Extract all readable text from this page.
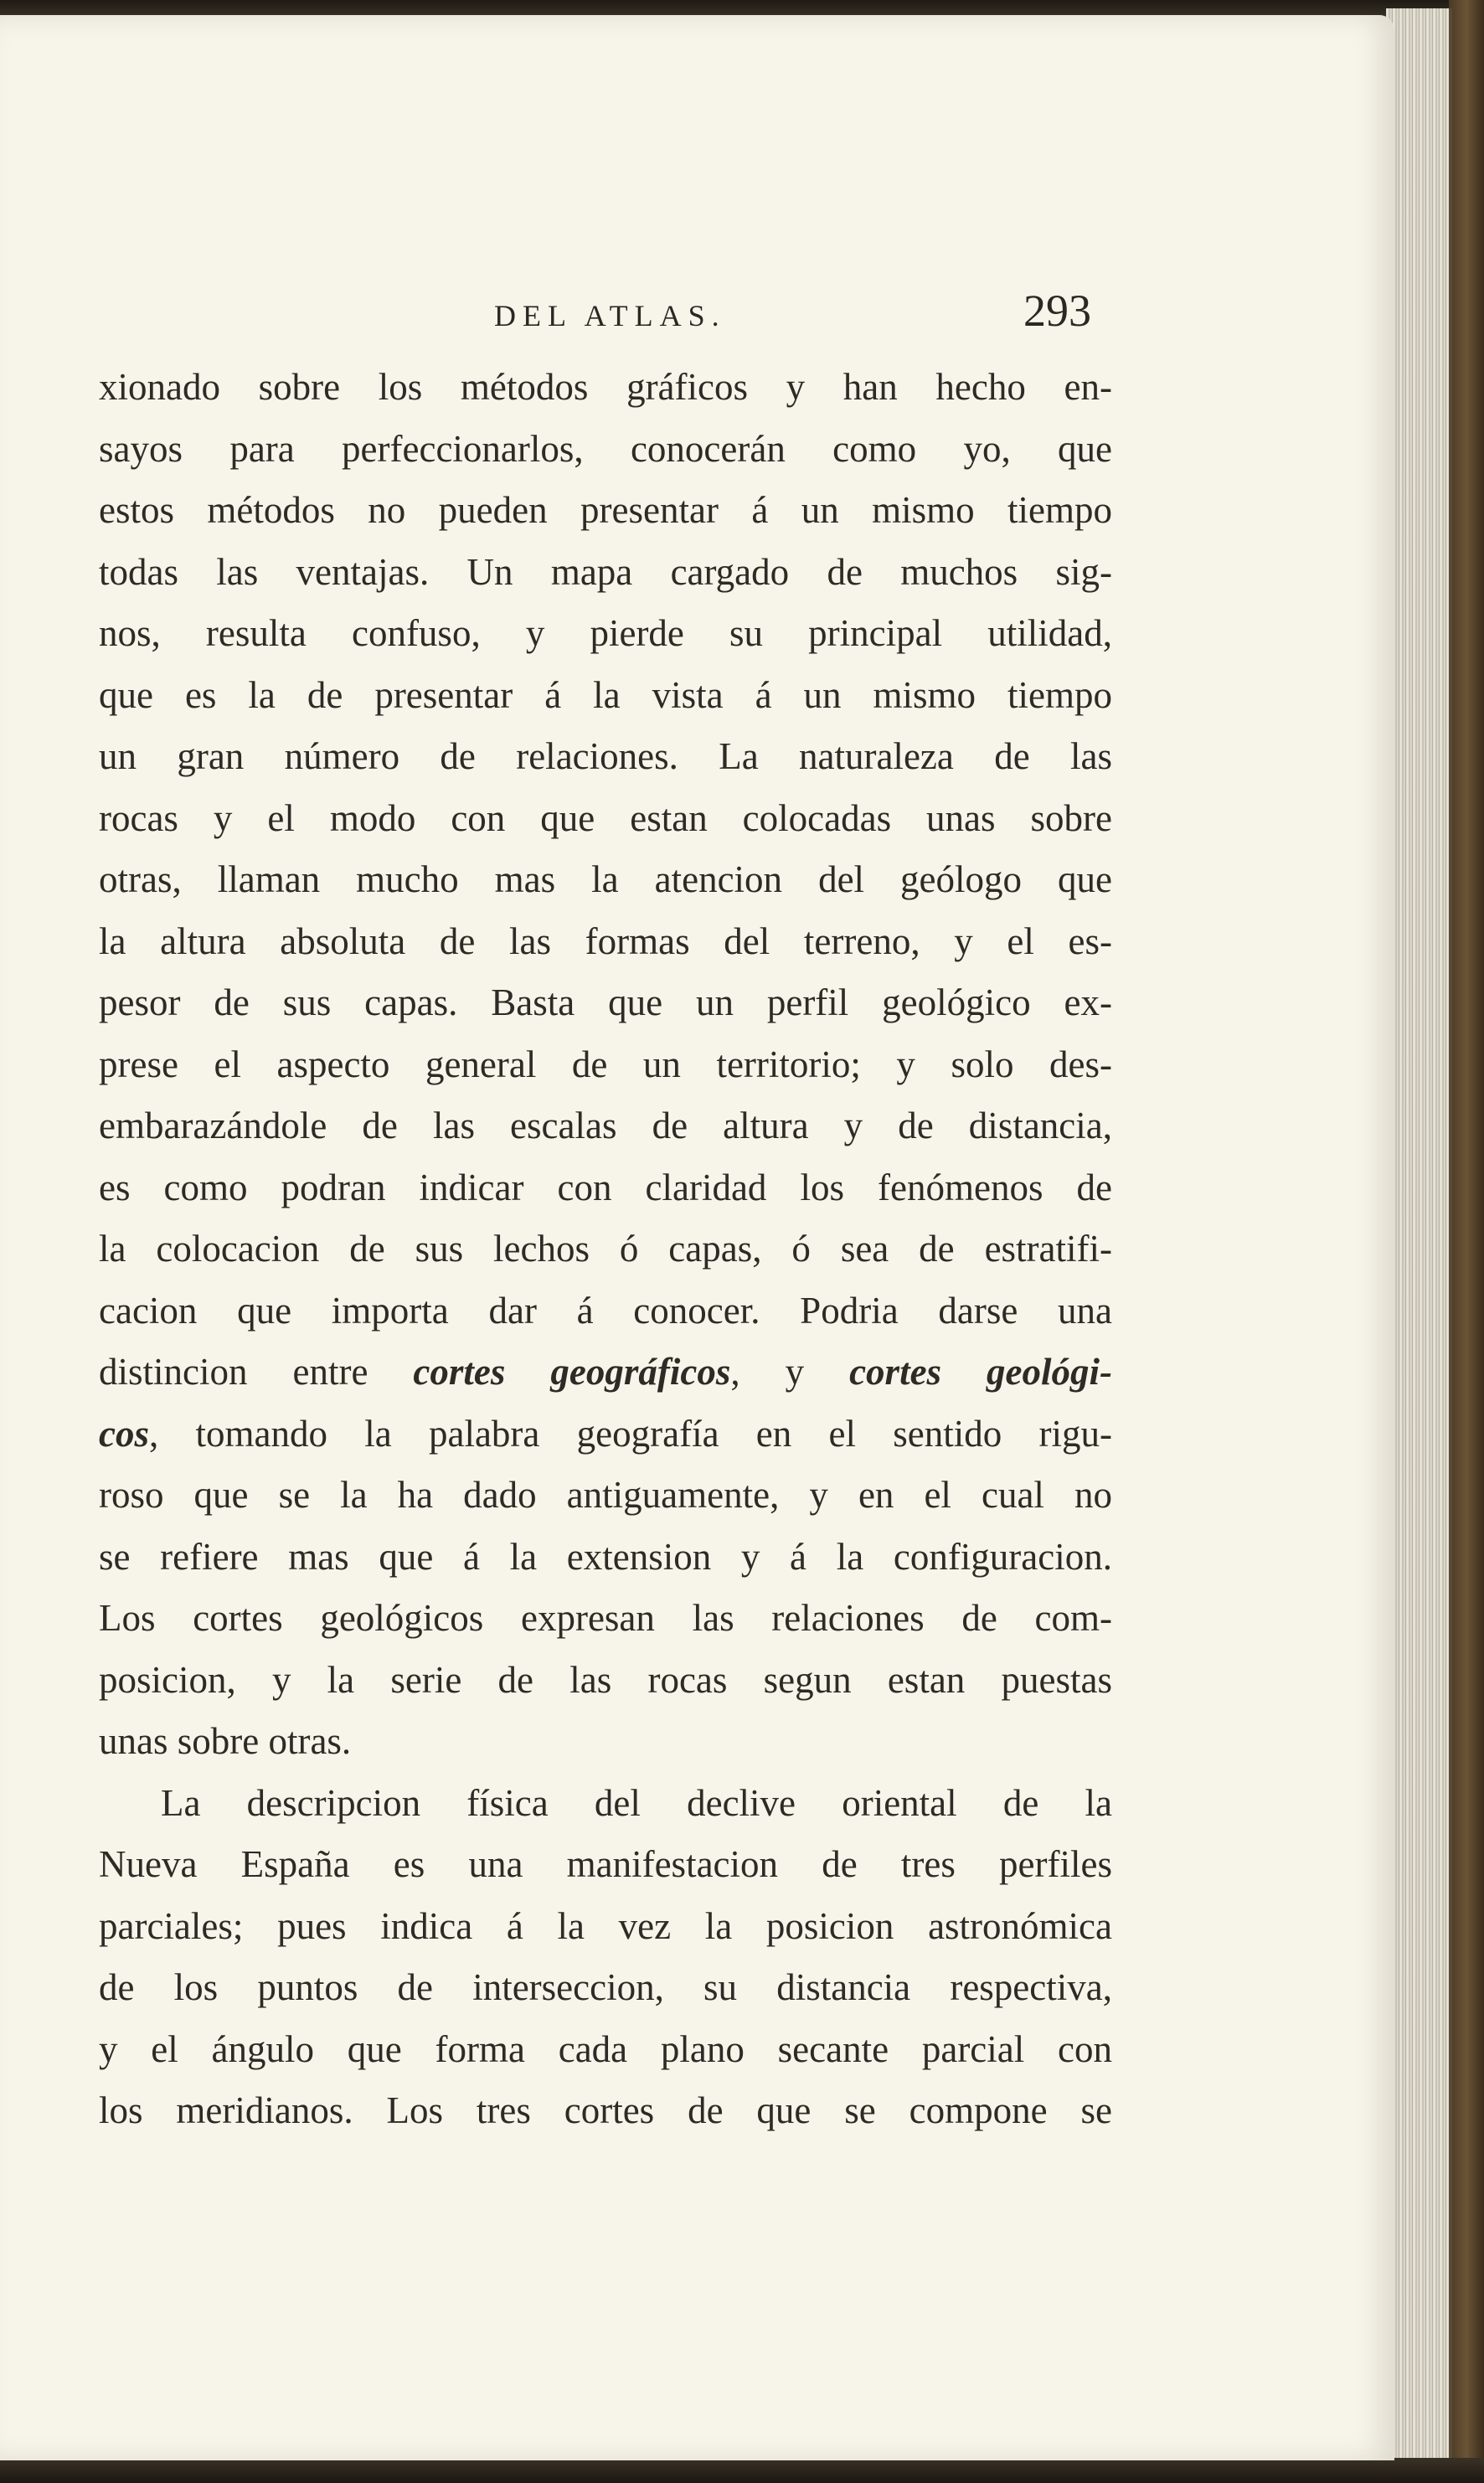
DEL ATLAS.	293
xionado sobre los métodos gráficos y han hecho en-
sayos para perfeccionarlos, conocerán como yo, que
estos métodos no pueden presentar á un mismo tiempo
todas las ventajas. Un mapa cargado de muchos sig-
nos, resulta confuso, y pierde su principal utilidad,
que es la de presentar á la vista á un mismo tiempo
un gran número de relaciones. La naturaleza de las
rocas y el modo con que estan colocadas unas sobre
otras, llaman mucho mas la atencion del geólogo que
la altura absoluta de las formas del terreno, y el es-
pesor de sus capas. Basta que un perfil geológico ex-
prese el aspecto general de un territorio; y solo des-
embarazándole de las escalas de altura y de distancia,
es como podran indicar con claridad los fenómenos de
la colocacion de sus lechos ó capas, ó sea de estratifi-
cacion que importa dar á conocer. Podria darse una
distincion entre cortes geográficos, y cortes geológi-
cos, tomando la palabra geografía en el sentido rigu-
roso que se la ha dado antiguamente, y en el cual no
se refiere mas que á la extension y á la configuracion.
Los cortes geológicos expresan las relaciones de com-
posicion, y la serie de las rocas segun estan puestas
unas sobre otras.
La descripcion física del declive oriental de la
Nueva España es una manifestacion de tres perfiles
parciales; pues indica á la vez la posicion astronómica
de los puntos de interseccion, su distancia respectiva,
y el ángulo que forma cada plano secante parcial con
los meridianos. Los tres cortes de que se compone se
